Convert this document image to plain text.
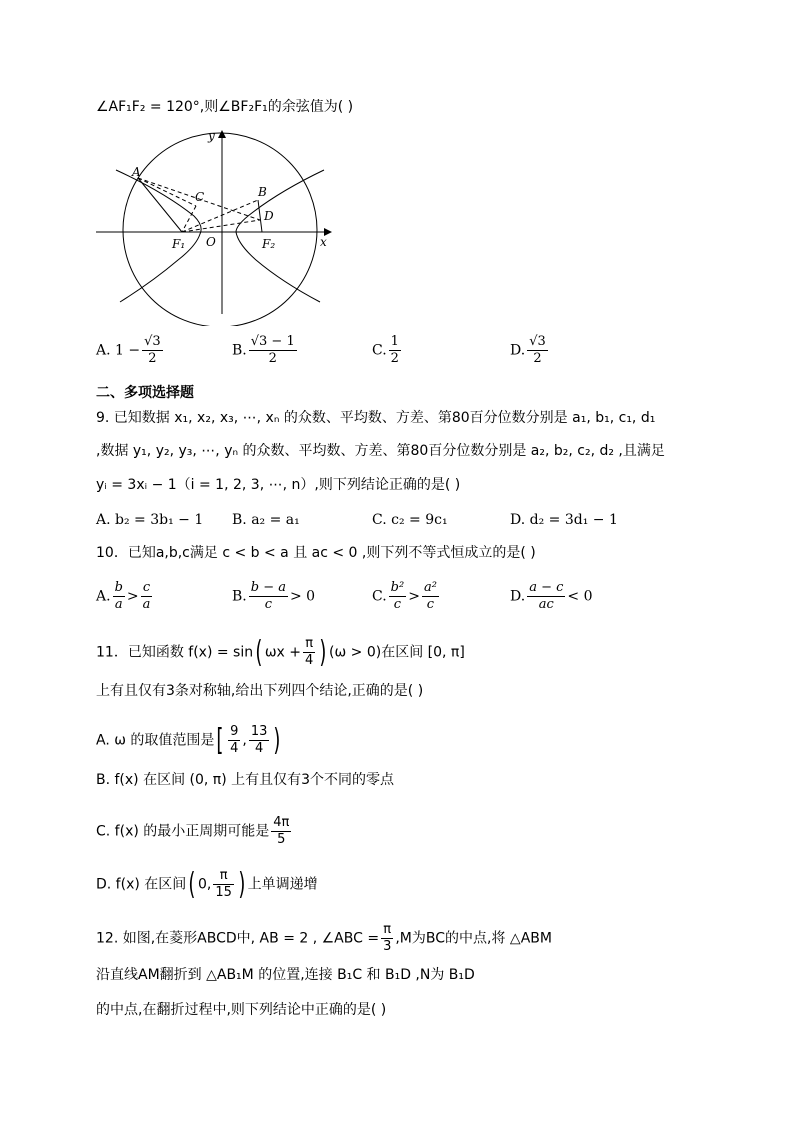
∠AF₁F₂ = 120°,则∠BF₂F₁的余弦值为( )
y
x
A
B
C
D
O
F₁	F₂
A. $1 - \frac{√3}{2}$	B. $\frac{√3 - 1}{2}$	C. $\frac{1}{2}$	D. $\frac{√3}{2}$
二、多项选择题
9. 已知数据 x₁, x₂, x₃, ⋯, xₙ 的众数、平均数、方差、第80百分位数分别是 a₁, b₁, c₁, d₁
,数据 y₁, y₂, y₃, ⋯, yₙ 的众数、平均数、方差、第80百分位数分别是 a₂, b₂, c₂, d₂ ,且满足
yᵢ = 3xᵢ − 1（i = 1, 2, 3, ⋯, n）,则下列结论正确的是( )
A. b₂ = 3b₁ − 1 B. a₂ = a₁	C. c₂ = 9c₁	D. d₂ = 3d₁ − 1
10．已知a,b,c满足 c < b < a 且 ac < 0 ,则下列不等式恒成立的是( )
A. $\frac{b}{a} > \frac{c}{a}$	B. $\frac{b - a}{c} > 0$	C. $\frac{\text{b²}}{c} > \frac{\text{a²}}{c}$	D. $\frac{a - c}{ac} < 0$
11．已知函数 f(x) = sin( $\omega x + \frac{\pi}{4}$ ) (ω > 0)在区间 [0, π]
上有且仅有3条对称轴,给出下列四个结论,正确的是( )
A. ω 的取值范围是[ $\frac{9}{4}$ , $\frac{13}{4}$ )
B. f(x) 在区间 (0, π) 上有且仅有3个不同的零点
C. f(x) 的最小正周期可能是 $\frac{4\pi}{5}$
D. f(x) 在区间( 0, $\frac{\pi}{15}$ ) 上单调递增
12. 如图,在菱形ABCD中, AB = 2 , ∠ABC = $\frac{\pi}{3} ,M$为BC的中点,将 △ABM
沿直线AM翻折到 △AB₁M 的位置,连接 B₁C 和 B₁D ,N为 B₁D
的中点,在翻折过程中,则下列结论中正确的是( )
